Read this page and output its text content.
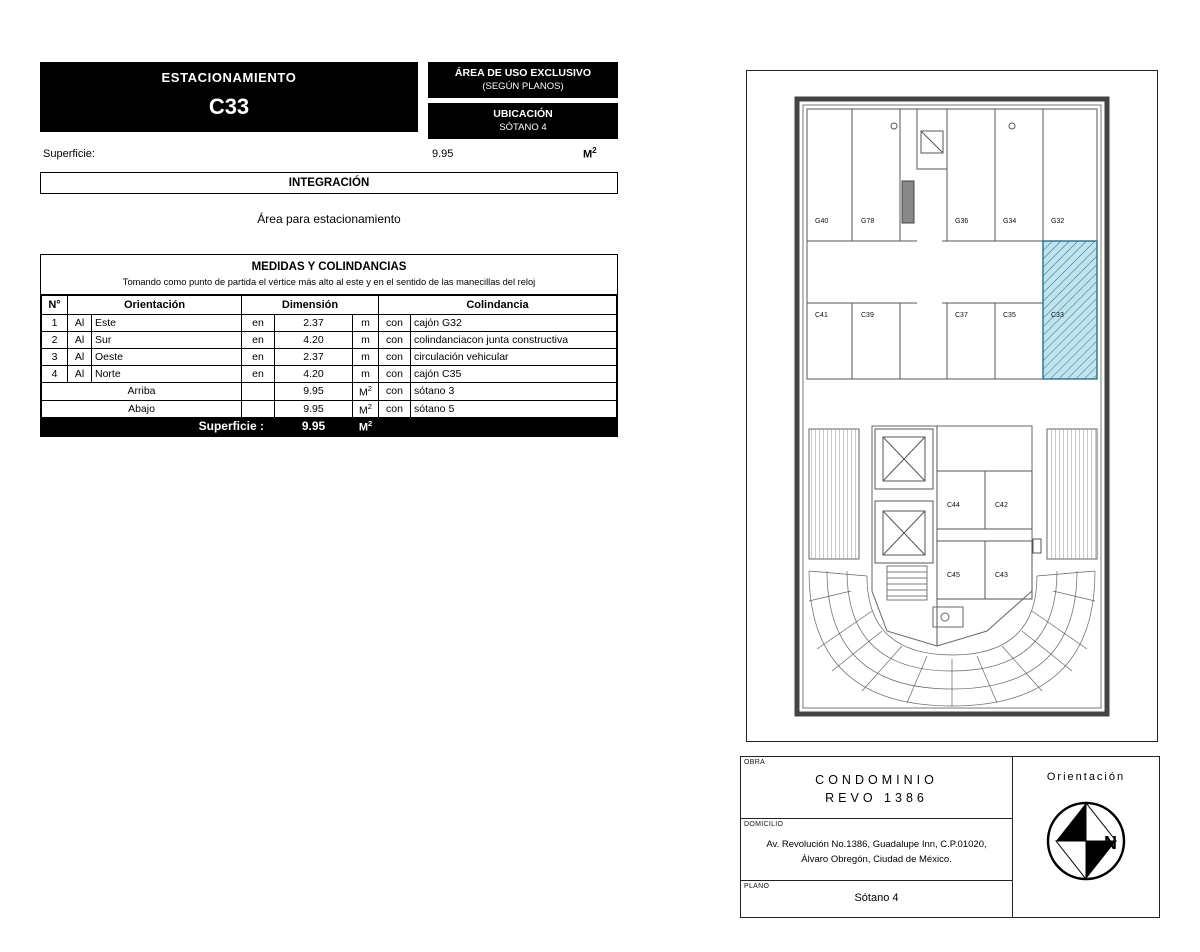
ESTACIONAMIENTO
C33
ÁREA DE USO EXCLUSIVO
(SEGÚN PLANOS)
UBICACIÓN
SÓTANO 4
Superficie:	9.95	$M^2$
INTEGRACIÓN
Área para estacionamiento
MEDIDAS Y COLINDANCIAS
Tomando como punto de partida el vértice más alto al este y en el sentido de las manecillas del reloj
N°	Orientación		Dimensión			Colindancia	
1	Al	Este	en	2.37	m	con	cajón G32
2	Al	Sur	en	4.20	m	con	colindanciacon junta constructiva
3	Al	Oeste	en	2.37	m	con	circulación vehicular
4	Al	Norte	en	4.20	m	con	cajón C35
Arriba				9.95	$M^2$	con	sótano 3
Abajo				9.95	$M^2$	con	sótano 5
Superficie :				9.95	$M^2$		
G40	G78	G36	G34	G32
C41	C39	C37	C35	C33
C44	C42
C45	C43
OBRA
CONDOMINIO
REVO 1386
DOMICILIO
Av. Revolución No.1386, Guadalupe Inn, C.P.01020,
Álvaro Obregón, Ciudad de México.
PLANO
Sótano 4
Orientación
N
